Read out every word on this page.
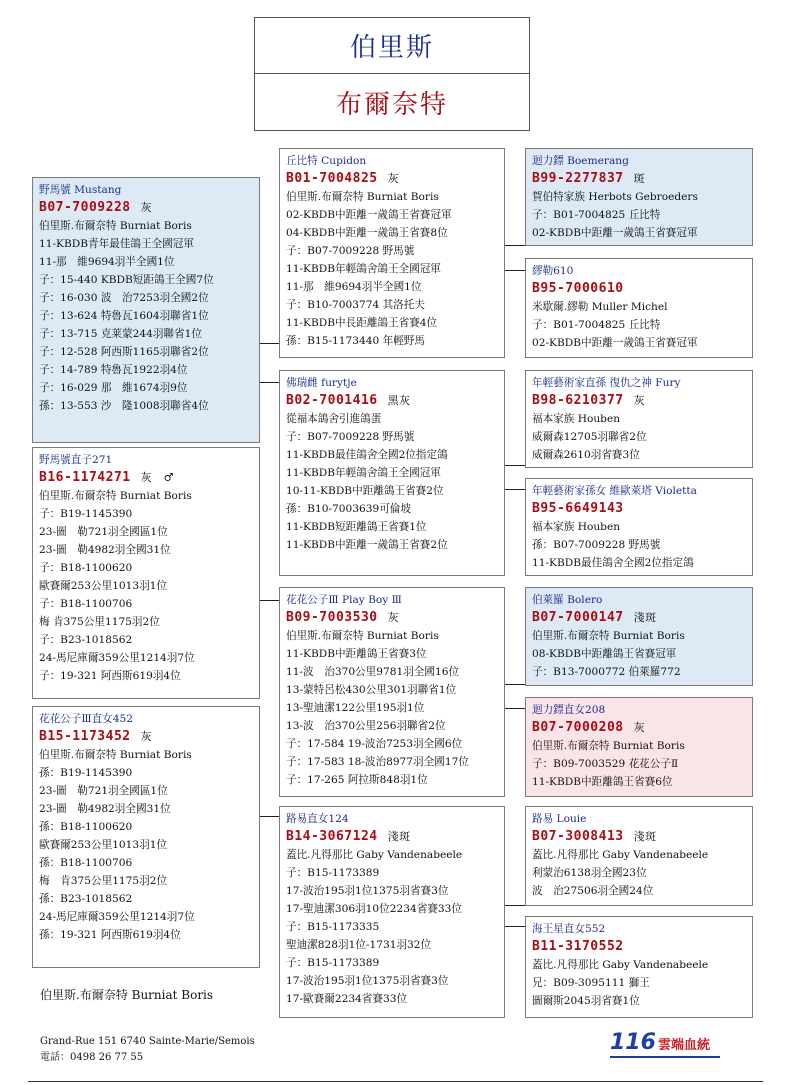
伯里斯
布爾奈特
野馬號 Mustang
B07-7009228 灰
伯里斯.布爾奈特 Burniat Boris
11-KBDB青年最佳鴿王全國冠軍
11-那　維9694羽半全國1位
子：15-440 KBDB短距鴿王全國7位
子：16-030 波　治7253羽全國2位
子：13-624 特魯瓦1604羽聯省1位
子：13-715 克莱蒙244羽聯省1位
子：12-528 阿西斯1165羽聯省2位
子：14-789 特魯瓦1922羽4位
子：16-029 那　維1674羽9位
孫：13-553 沙　隆1008羽聯省4位
丘比特 Cupidon
B01-7004825 灰
伯里斯.布爾奈特 Burniat Boris
02-KBDB中距離一歲鴿王省賽冠軍
04-KBDB中距離一歲鴿王省賽8位
子：B07-7009228 野馬號
11-KBDB年輕鴿舍鴿王全國冠軍
11-那　維9694羽半全國1位
子：B10-7003774 其洛托夫
11-KBDB中長距離鴿王省賽4位
孫：B15-1173440 年輕野馬
佛瑞雌 furytje
B02-7001416 黑灰
從福本鴿舍引進鴿蛋
子：B07-7009228 野馬號
11-KBDB最佳鴿舍全國2位指定鴿
11-KBDB年輕鴿舍鴿王全國冠軍
10-11-KBDB中距離鴿王省賽2位
孫：B10-7003639可倫坡
11-KBDB短距離鴿王省賽1位
11-KBDB中距離一歲鴿王省賽2位
迴力鏢 Boemerang
B99-2277837 斑
賀伯特家族 Herbots Gebroeders
子：B01-7004825 丘比特
02-KBDB中距離一歲鴿王省賽冠軍
繆勒610
B95-7000610
米歇爾.繆勒 Muller Michel
子：B01-7004825 丘比特
02-KBDB中距離一歲鴿王省賽冠軍
年輕藝術家直孫 復仇之神 Fury
B98-6210377 灰
福本家族 Houben
威爾森12705羽聯省2位
威爾森2610羽省賽3位
年輕藝術家孫女 維歐萊塔 Violetta
B95-6649143
福本家族 Houben
孫：B07-7009228 野馬號
11-KBDB最佳鴿舍全國2位指定鴿
野馬號直子271
B16-1174271 灰　♂
伯里斯.布爾奈特 Burniat Boris
子：B19-1145390
23-圖　勒721羽全國區1位
23-圖　勒4982羽全國31位
子：B18-1100620
歐賽爾253公里1013羽1位
子：B18-1100706
梅 肯375公里1175羽2位
子：B23-1018562
24-馬尼庫爾359公里1214羽7位
子：19-321 阿西斯619羽4位
花花公子Ⅲ Play Boy Ⅲ
B09-7003530 灰
伯里斯.布爾奈特 Burniat Boris
11-KBDB中距離鴿王省賽3位
11-波　治370公里9781羽全國16位
13-蒙特呂松430公里301羽聯省1位
13-聖迪潔122公里195羽1位
13-波　治370公里256羽聯省2位
子：17-584 19-波治7253羽全國6位
子：17-583 18-波治8977羽全國17位
子：17-265 阿拉斯848羽1位
伯萊羅 Bolero
B07-7000147 淺斑
伯里斯.布爾奈特 Burniat Boris
08-KBDB中距離鴿王省賽冠軍
子：B13-7000772 伯萊羅772
迴力鏢直女208
B07-7000208 灰
伯里斯.布爾奈特 Burniat Boris
子：B09-7003529 花花公子Ⅱ
11-KBDB中距離鴿王省賽6位
花花公子Ⅲ直女452
B15-1173452 灰
伯里斯.布爾奈特 Burniat Boris
孫：B19-1145390
23-圖　勒721羽全國區1位
23-圖　勒4982羽全國31位
孫：B18-1100620
歐賽爾253公里1013羽1位
孫：B18-1100706
梅　肯375公里1175羽2位
孫：B23-1018562
24-馬尼庫爾359公里1214羽7位
孫：19-321 阿西斯619羽4位
路易直女124
B14-3067124 淺斑
蓋比.凡得那比 Gaby Vandenabeele
子：B15-1173389
17-波治195羽1位1375羽省賽3位
17-聖迪潔306羽10位2234省賽33位
子：B15-1173335
聖迪潔828羽1位-1731羽32位
子：B15-1173389
17-波治195羽1位1375羽省賽3位
17-歐賽爾2234省賽33位
路易 Louie
B07-3008413 淺斑
蓋比.凡得那比 Gaby Vandenabeele
利蒙治6138羽全國23位
波　治27506羽全國24位
海王星直女552
B11-3170552
蓋比.凡得那比 Gaby Vandenabeele
兄：B09-3095111 獅王
圖爾斯2045羽省賽1位
伯里斯.布爾奈特 Burniat Boris
Grand-Rue 151 6740 Sainte-Marie/Semois
電話：0498 26 77 55
116 雲端血統
